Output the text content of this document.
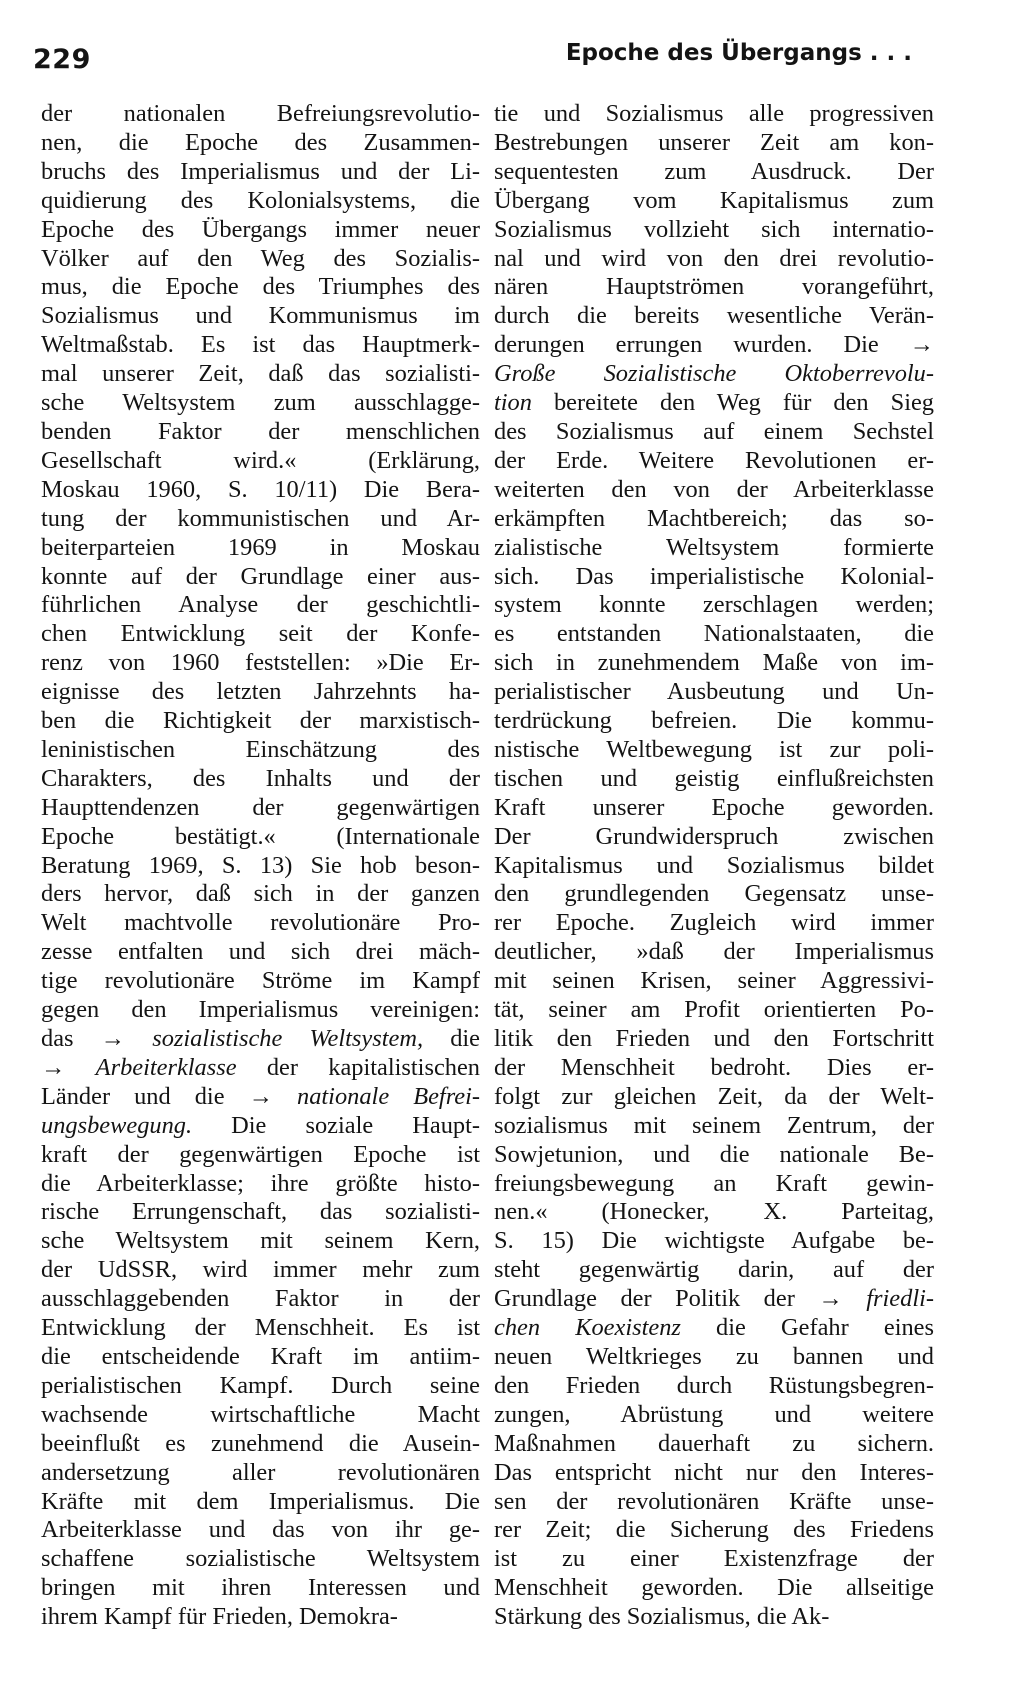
229	Epoche des Übergangs . . .
der nationalen Befreiungsrevolutio-
nen, die Epoche des Zusammen-
bruchs des Imperialismus und der Li-
quidierung des Kolonialsystems, die
Epoche des Übergangs immer neuer
Völker auf den Weg des Sozialis-
mus, die Epoche des Triumphes des
Sozialismus und Kommunismus im
Weltmaßstab. Es ist das Hauptmerk-
mal unserer Zeit, daß das sozialisti-
sche Weltsystem zum ausschlagge-
benden Faktor der menschlichen
Gesellschaft wird.« (Erklärung,
Moskau 1960, S. 10/11) Die Bera-
tung der kommunistischen und Ar-
beiterparteien 1969 in Moskau
konnte auf der Grundlage einer aus-
führlichen Analyse der geschichtli-
chen Entwicklung seit der Konfe-
renz von 1960 feststellen: »Die Er-
eignisse des letzten Jahrzehnts ha-
ben die Richtigkeit der marxistisch-
leninistischen Einschätzung des
Charakters, des Inhalts und der
Haupttendenzen der gegenwärtigen
Epoche bestätigt.« (Internationale
Beratung 1969, S. 13) Sie hob beson-
ders hervor, daß sich in der ganzen
Welt machtvolle revolutionäre Pro-
zesse entfalten und sich drei mäch-
tige revolutionäre Ströme im Kampf
gegen den Imperialismus vereinigen:
das → sozialistische Weltsystem, die
→ Arbeiterklasse der kapitalistischen
Länder und die → nationale Befrei-
ungsbewegung. Die soziale Haupt-
kraft der gegenwärtigen Epoche ist
die Arbeiterklasse; ihre größte histo-
rische Errungenschaft, das sozialisti-
sche Weltsystem mit seinem Kern,
der UdSSR, wird immer mehr zum
ausschlaggebenden Faktor in der
Entwicklung der Menschheit. Es ist
die entscheidende Kraft im antiim-
perialistischen Kampf. Durch seine
wachsende wirtschaftliche Macht
beeinflußt es zunehmend die Ausein-
andersetzung aller revolutionären
Kräfte mit dem Imperialismus. Die
Arbeiterklasse und das von ihr ge-
schaffene sozialistische Weltsystem
bringen mit ihren Interessen und
ihrem Kampf für Frieden, Demokra-
tie und Sozialismus alle progressiven
Bestrebungen unserer Zeit am kon-
sequentesten zum Ausdruck. Der
Übergang vom Kapitalismus zum
Sozialismus vollzieht sich internatio-
nal und wird von den drei revolutio-
nären Hauptströmen vorangeführt,
durch die bereits wesentliche Verän-
derungen errungen wurden. Die →
Große Sozialistische Oktoberrevolu-
tion bereitete den Weg für den Sieg
des Sozialismus auf einem Sechstel
der Erde. Weitere Revolutionen er-
weiterten den von der Arbeiterklasse
erkämpften Machtbereich; das so-
zialistische Weltsystem formierte
sich. Das imperialistische Kolonial-
system konnte zerschlagen werden;
es entstanden Nationalstaaten, die
sich in zunehmendem Maße von im-
perialistischer Ausbeutung und Un-
terdrückung befreien. Die kommu-
nistische Weltbewegung ist zur poli-
tischen und geistig einflußreichsten
Kraft unserer Epoche geworden.
Der Grundwiderspruch zwischen
Kapitalismus und Sozialismus bildet
den grundlegenden Gegensatz unse-
rer Epoche. Zugleich wird immer
deutlicher, »daß der Imperialismus
mit seinen Krisen, seiner Aggressivi-
tät, seiner am Profit orientierten Po-
litik den Frieden und den Fortschritt
der Menschheit bedroht. Dies er-
folgt zur gleichen Zeit, da der Welt-
sozialismus mit seinem Zentrum, der
Sowjetunion, und die nationale Be-
freiungsbewegung an Kraft gewin-
nen.« (Honecker, X. Parteitag,
S. 15) Die wichtigste Aufgabe be-
steht gegenwärtig darin, auf der
Grundlage der Politik der → friedli-
chen Koexistenz die Gefahr eines
neuen Weltkrieges zu bannen und
den Frieden durch Rüstungsbegren-
zungen, Abrüstung und weitere
Maßnahmen dauerhaft zu sichern.
Das entspricht nicht nur den Interes-
sen der revolutionären Kräfte unse-
rer Zeit; die Sicherung des Friedens
ist zu einer Existenzfrage der
Menschheit geworden. Die allseitige
Stärkung des Sozialismus, die Ak-
